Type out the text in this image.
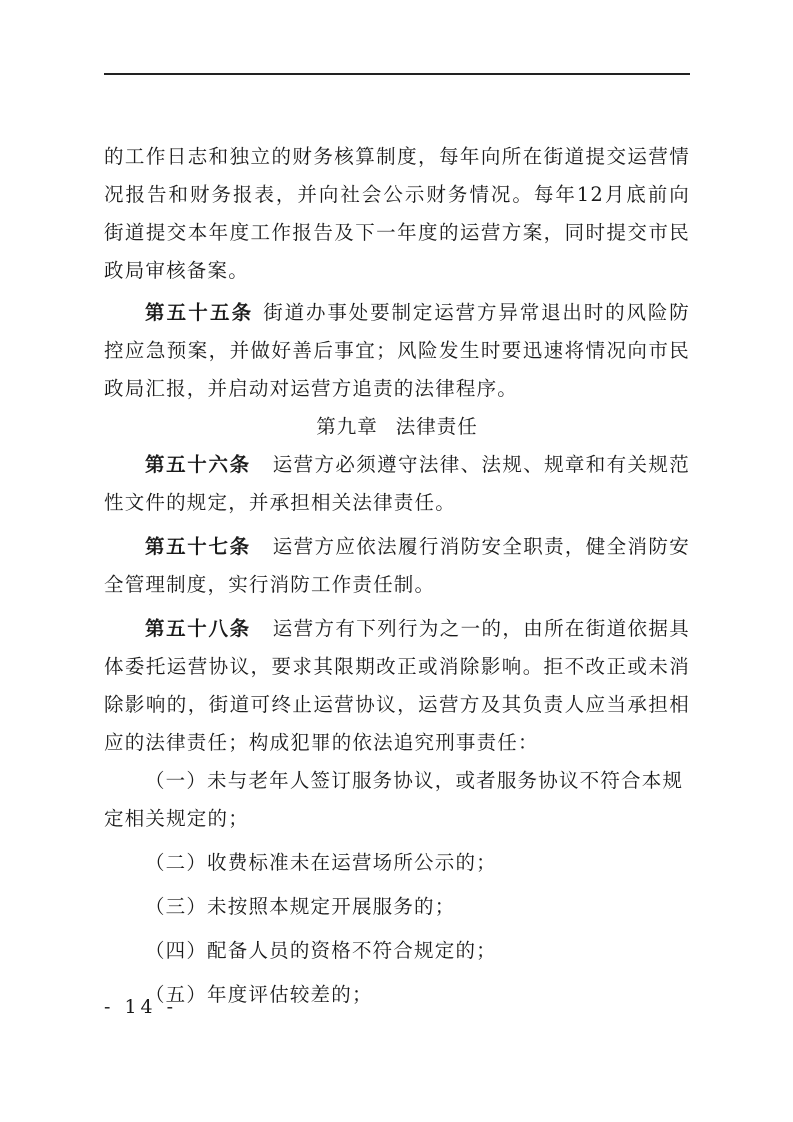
的工作日志和独立的财务核算制度，每年向所在街道提交运营情况报告和财务报表，并向社会公示财务情况。每年12月底前向街道提交本年度工作报告及下一年度的运营方案，同时提交市民政局审核备案。

第五十五条 街道办事处要制定运营方异常退出时的风险防控应急预案，并做好善后事宜；风险发生时要迅速将情况向市民政局汇报，并启动对运营方追责的法律程序。

第九章 法律责任

第五十六条 运营方必须遵守法律、法规、规章和有关规范性文件的规定，并承担相关法律责任。

第五十七条 运营方应依法履行消防安全职责，健全消防安全管理制度，实行消防工作责任制。

第五十八条 运营方有下列行为之一的，由所在街道依据具体委托运营协议，要求其限期改正或消除影响。拒不改正或未消除影响的，街道可终止运营协议，运营方及其负责人应当承担相应的法律责任；构成犯罪的依法追究刑事责任：

（一）未与老年人签订服务协议，或者服务协议不符合本规定相关规定的；

（二）收费标准未在运营场所公示的；

（三）未按照本规定开展服务的；

（四）配备人员的资格不符合规定的；

（五）年度评估较差的；

- 14 -
